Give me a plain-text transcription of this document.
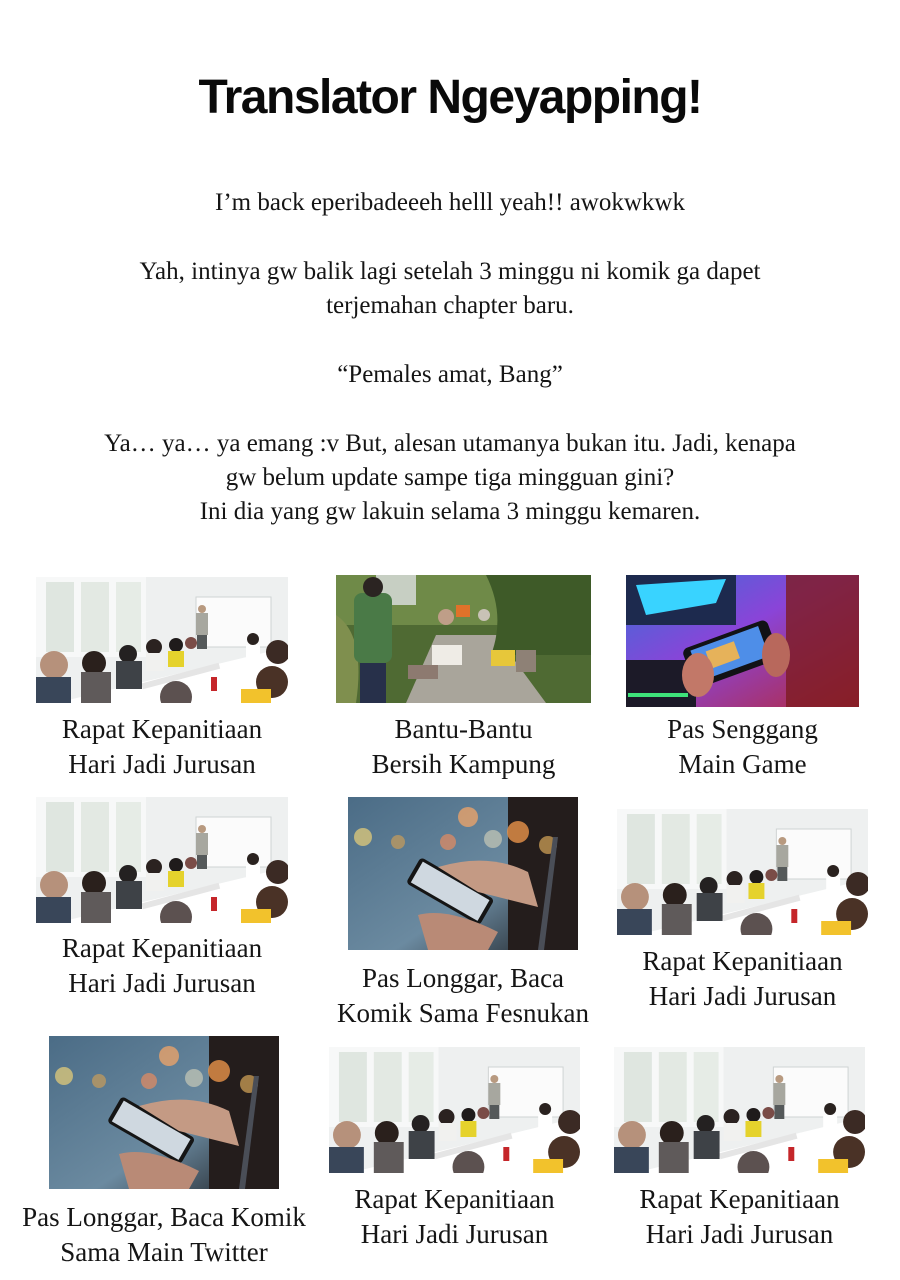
Translator Ngeyapping!
I’m back eperibadeeeh helll yeah!! awokwkwk
Yah, intinya gw balik lagi setelah 3 minggu ni komik ga dapet
terjemahan chapter baru.
“Pemales amat, Bang”
Ya… ya… ya emang :v But, alesan utamanya bukan itu. Jadi, kenapa
gw belum update sampe tiga mingguan gini?
Ini dia yang gw lakuin selama 3 minggu kemaren.
Rapat Kepanitiaan
Hari Jadi Jurusan
Bantu-Bantu
Bersih Kampung
Pas Senggang
Main Game
Rapat Kepanitiaan
Hari Jadi Jurusan	Pas Longgar, Baca
Komik Sama Fesnukan
Rapat Kepanitiaan
Hari Jadi Jurusan
Pas Longgar, Baca Komik
Sama Main Twitter
Rapat Kepanitiaan
Hari Jadi Jurusan
Rapat Kepanitiaan
Hari Jadi Jurusan
